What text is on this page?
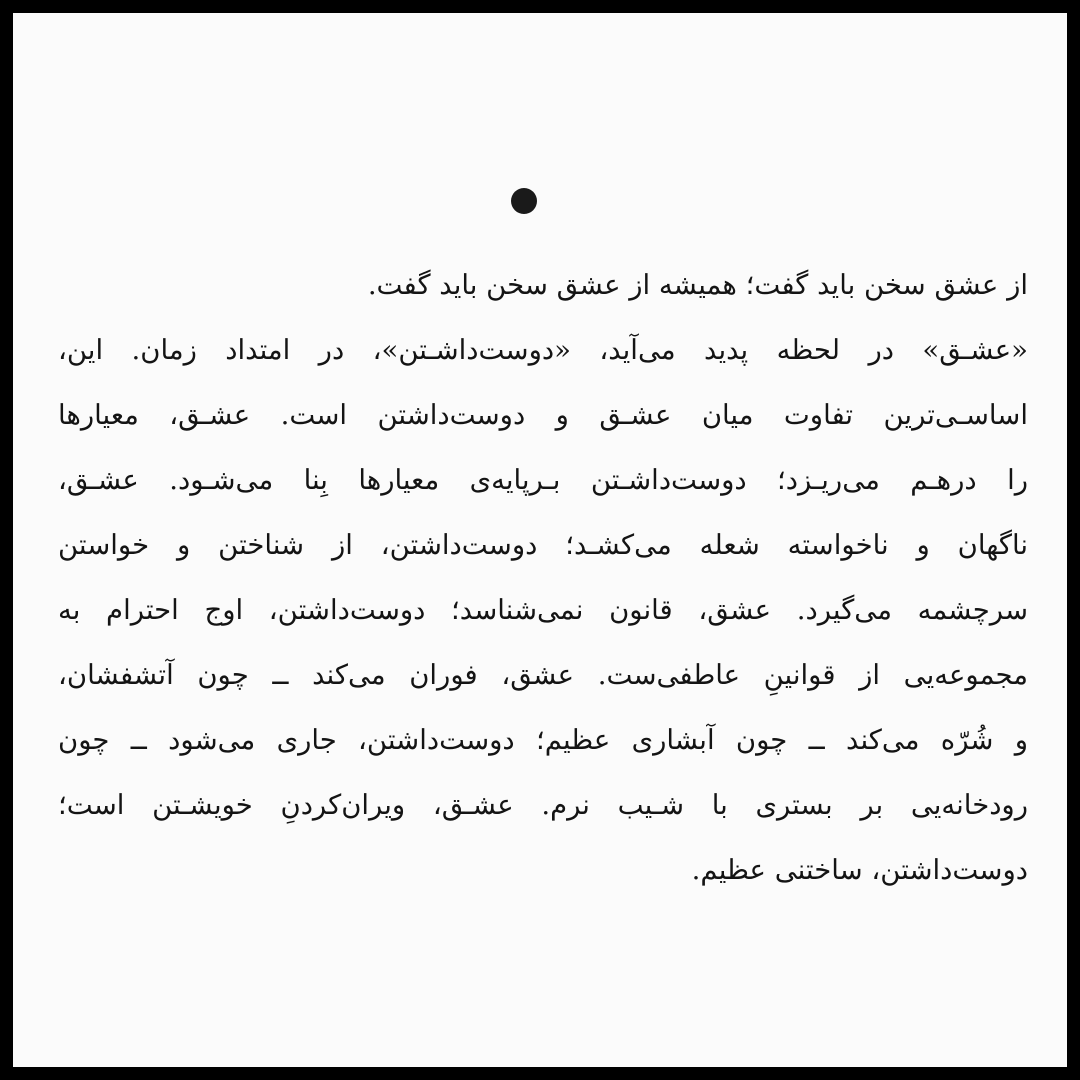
از عشق سخن باید گفت؛ همیشه از عشق سخن باید گفت.
«عشـق» در لحظه پدید می‌آید، «دوست‌داشـتن»، در امتداد زمان. این،
اساسـی‌ترین تفاوت میان عشـق و دوست‌داشتن است. عشـق، معیارها
را درهـم می‌ریـزد؛ دوست‌داشـتن بـرپایه‌ی معیارها بِنا می‌شـود. عشـق،
ناگهان و ناخواسته شعله می‌کشـد؛ دوست‌داشتن، از شناختن و خواستن
سرچشمه می‌گیرد. عشق، قانون نمی‌شناسد؛ دوست‌داشتن، اوج احترام به
مجموعه‌یی از قوانینِ عاطفی‌ست. عشق، فوران می‌کند ــ چون آتشفشان،
و شُرّه می‌کند ــ چون آبشاری عظیم؛ دوست‌داشتن، جاری می‌شود ــ چون
رودخانه‌یی بر بستری با شـیب نرم. عشـق، ویران‌کردنِ خویشـتن است؛
دوست‌داشتن، ساختنی عظیم.
